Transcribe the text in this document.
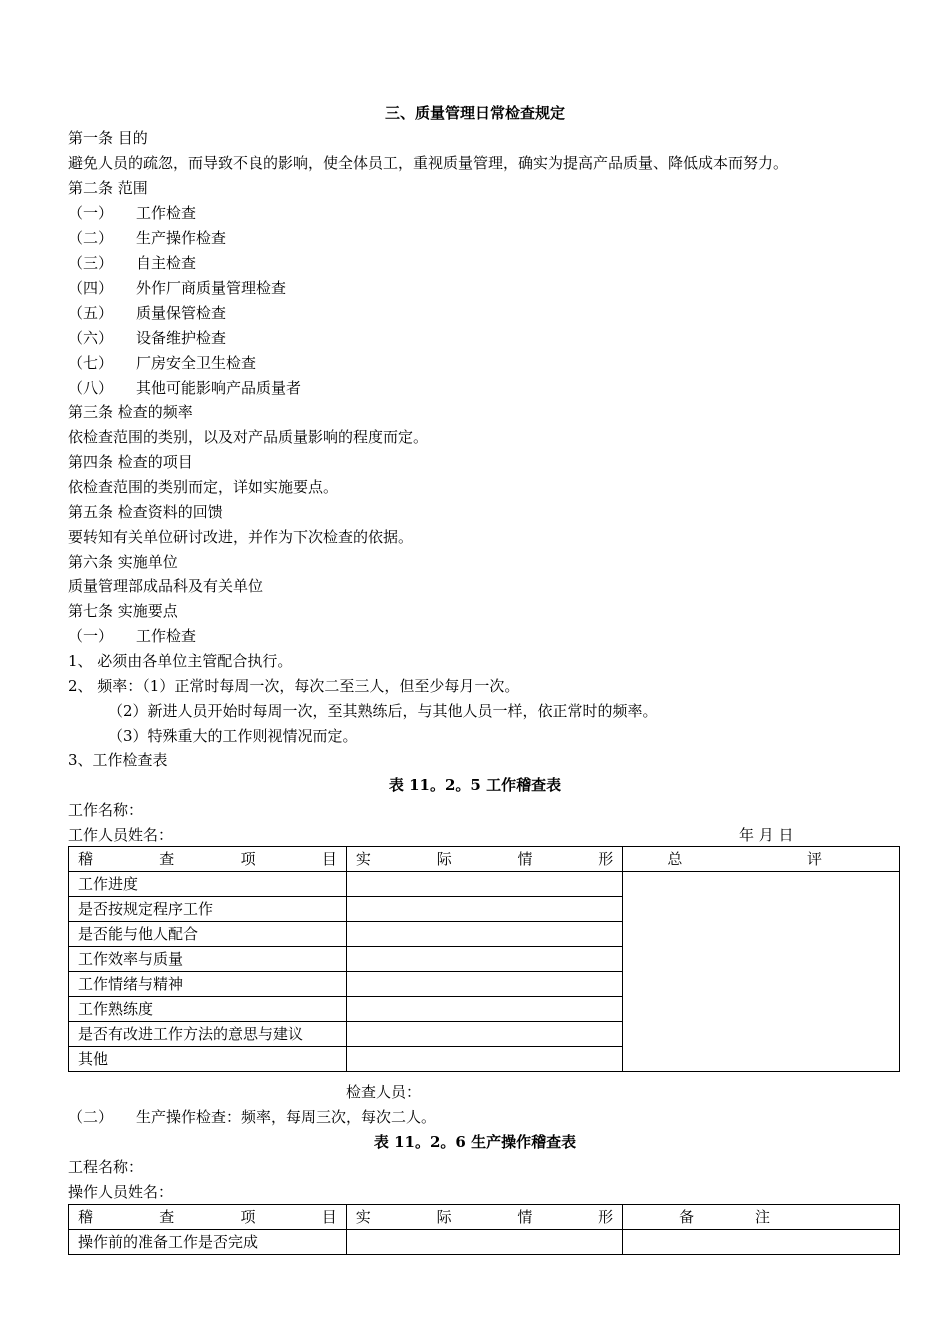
三、质量管理日常检查规定
第一条 目的
避免人员的疏忽，而导致不良的影响，使全体员工，重视质量管理，确实为提高产品质量、降低成本而努力。
第二条 范围
（一） 工作检查
（二） 生产操作检查
（三） 自主检查
（四） 外作厂商质量管理检查
（五） 质量保管检查
（六） 设备维护检查
（七） 厂房安全卫生检查
（八） 其他可能影响产品质量者
第三条 检查的频率
依检查范围的类别，以及对产品质量影响的程度而定。
第四条 检查的项目
依检查范围的类别而定，详如实施要点。
第五条 检查资料的回馈
要转知有关单位研讨改进，并作为下次检查的依据。
第六条 实施单位
质量管理部成品科及有关单位
第七条 实施要点
（一） 工作检查
1、 必须由各单位主管配合执行。
2、 频率：（1）正常时每周一次，每次二至三人，但至少每月一次。
（2）新进人员开始时每周一次，至其熟练后，与其他人员一样，依正常时的频率。
（3）特殊重大的工作则视情况而定。
3、工作检查表
表 11。2。5 工作稽查表
工作名称：
工作人员姓名：	年 月 日
稽 查 项 目	实 际 情 形	总 评

工作进度		
是否按规定程序工作		
是否能与他人配合		
工作效率与质量		
工作情绪与精神		
工作熟练度		
是否有改进工作方法的意思与建议		
其他		
检查人员：
（二） 生产操作检查：频率，每周三次，每次二人。
表 11。2。6 生产操作稽查表
工程名称：
操作人员姓名：
稽 查 项 目	实 际 情 形	备 注

操作前的准备工作是否完成		
